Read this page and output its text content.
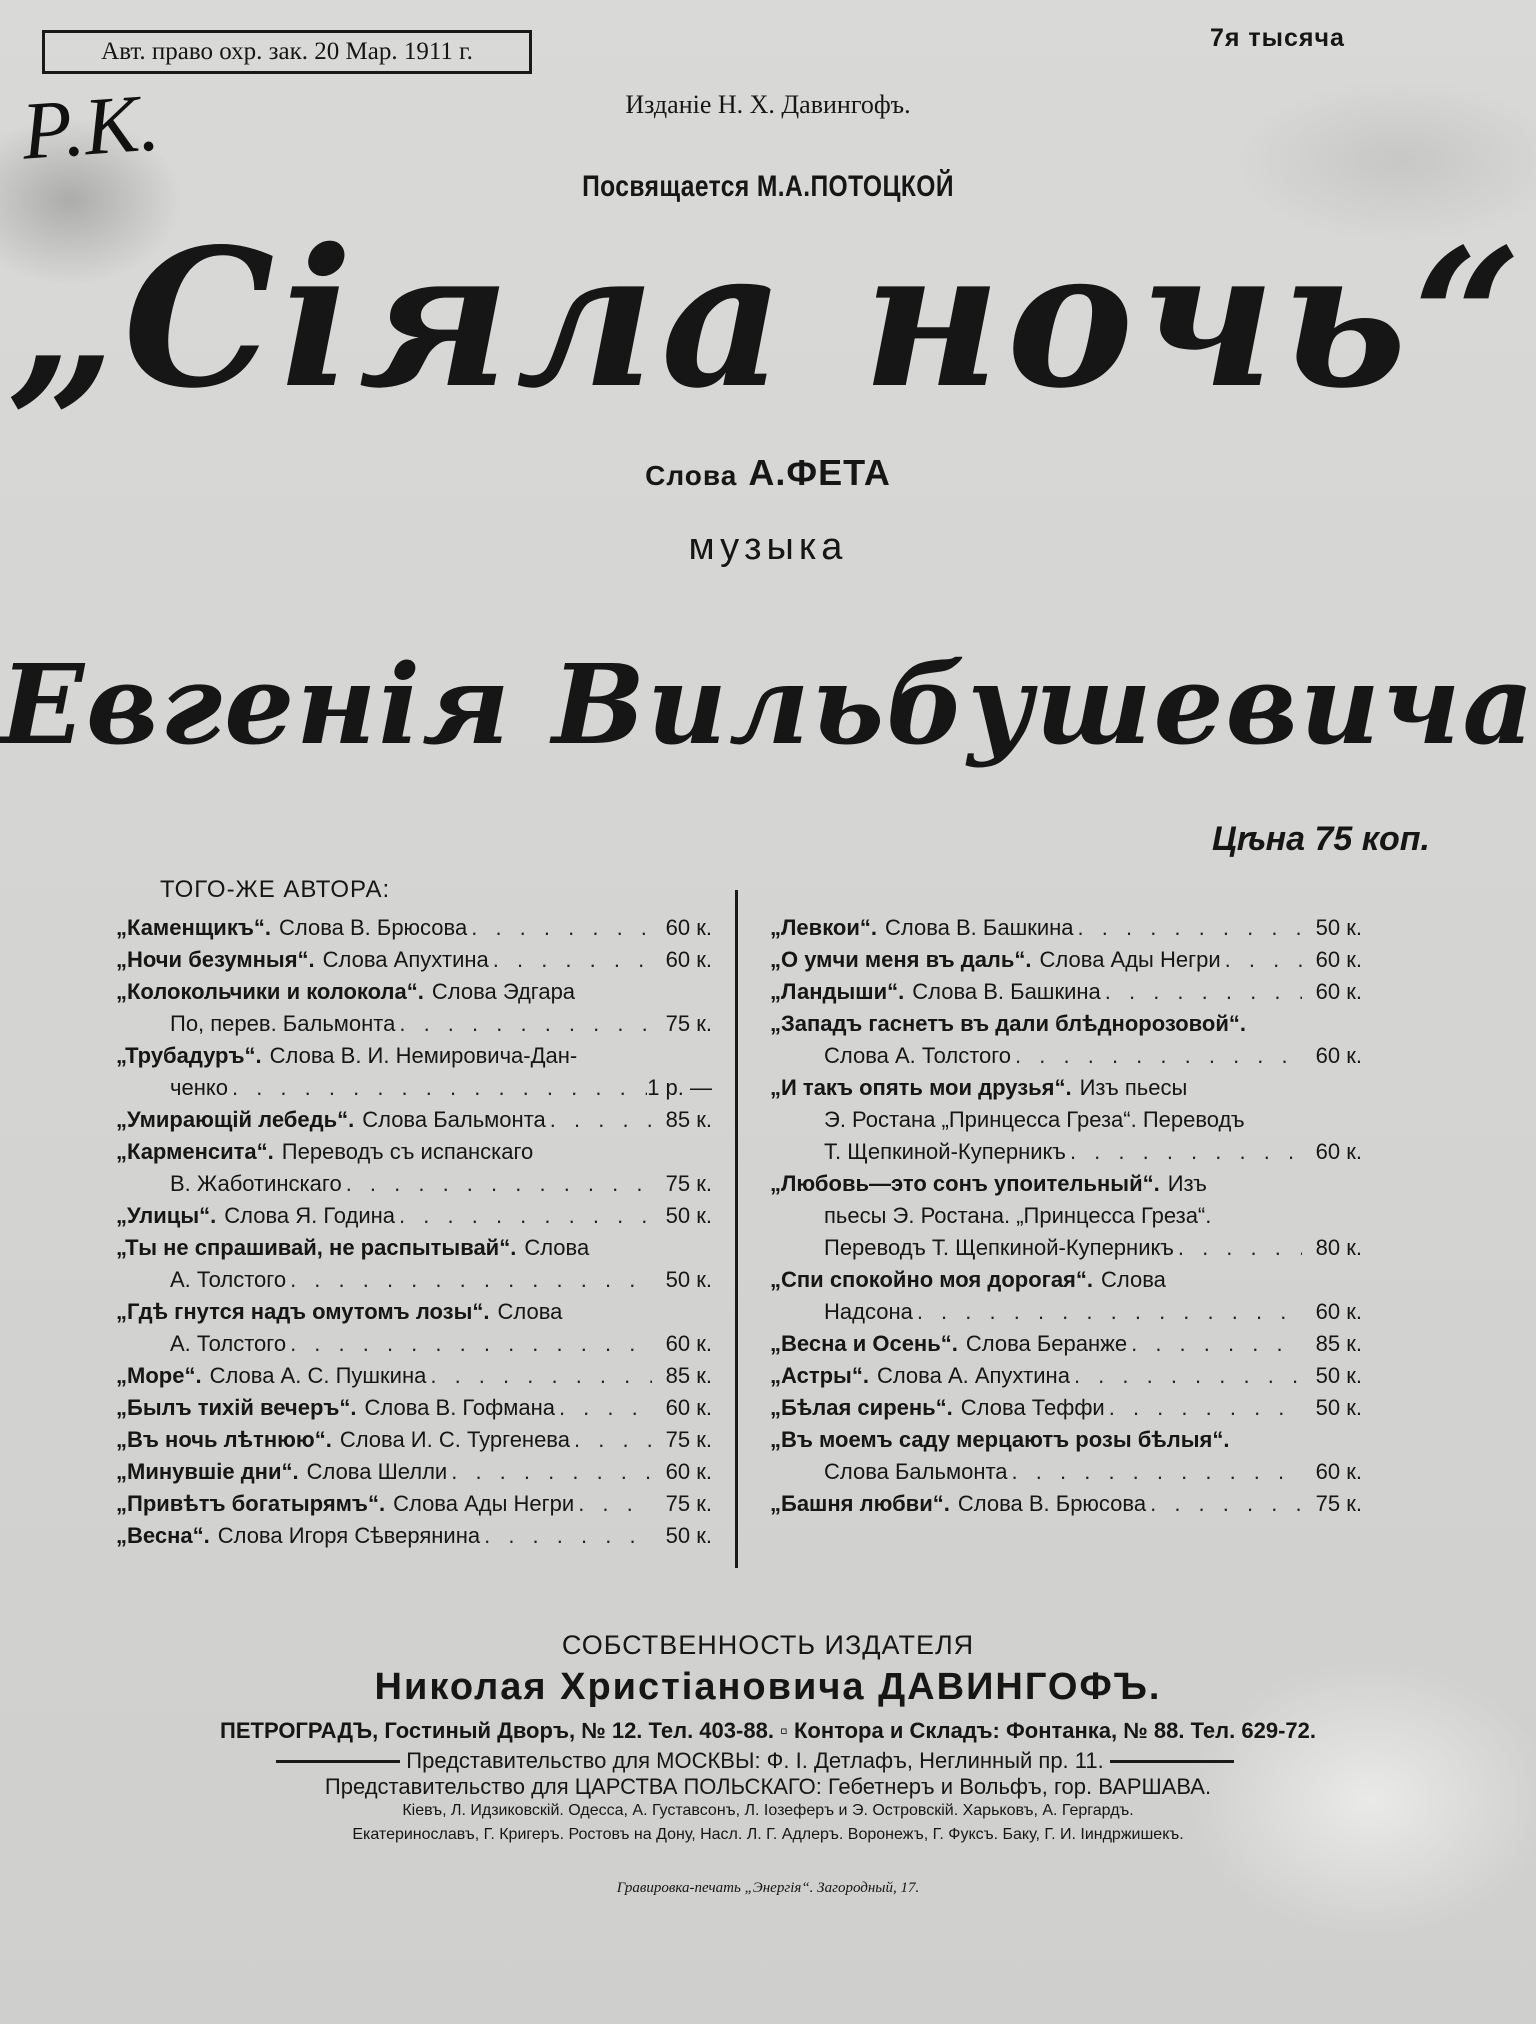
Авт. право охр. зак. 20 Мар. 1911 г.	7я тысяча
Р.К.	Изданіе Н. Х. Давингофъ.
Посвящается М.А.ПОТОЦКОЙ
„Сіяла ночь“
Слова А.ФЕТА
музыка
Евгенія Вильбушевича
Цѣна 75 коп.
ТОГО-ЖЕ АВТОРА:
„Каменщикъ“. Слова В. Брюсова . . .	60 к.
„Ночи безумныя“. Слова Апухтина . . .	60 к.
„Колокольчики и колокола“. Слова Эдгара
По, перев. Бальмонта . . .	75 к.
„Трубадуръ“. Слова В. И. Немировича-Дан-
ченко . . .	1 р. —
„Умирающій лебедь“. Слова Бальмонта . . .	85 к.
„Карменсита“. Переводъ съ испанскаго
В. Жаботинскаго . . .	75 к.
„Улицы“. Слова Я. Година . . .	50 к.
„Ты не спрашивай, не распытывай“. Слова
А. Толстого . . .	50 к.
„Гдѣ гнутся надъ омутомъ лозы“. Слова
А. Толстого . . .	60 к.
„Море“. Слова А. С. Пушкина . . .	85 к.
„Былъ тихій вечеръ“. Слова В. Гофмана . . .	60 к.
„Въ ночь лѣтнюю“. Слова И. С. Тургенева . . .	75 к.
„Минувшіе дни“. Слова Шелли . . .	60 к.
„Привѣтъ богатырямъ“. Слова Ады Негри . . .	75 к.
„Весна“. Слова Игоря Сѣверянина . . .	50 к.
„Левкои“. Слова В. Башкина . . .	50 к.
„О умчи меня въ даль“. Слова Ады Негри . . .	60 к.
„Ландыши“. Слова В. Башкина . . .	60 к.
„Западъ гаснетъ въ дали блѣднорозовой“.
Слова А. Толстого . . .	60 к.
„И такъ опять мои друзья“. Изъ пьесы
Э. Ростана „Принцесса Греза“. Переводъ
Т. Щепкиной-Куперникъ . . .	60 к.
„Любовь—это сонъ упоительный“. Изъ
пьесы Э. Ростана. „Принцесса Греза“.
Переводъ Т. Щепкиной-Куперникъ . . .	80 к.
„Спи спокойно моя дорогая“. Слова
Надсона . . .	60 к.
„Весна и Осень“. Слова Беранже . . .	85 к.
„Астры“. Слова А. Апухтина . . .	50 к.
„Бѣлая сирень“. Слова Теффи . . .	50 к.
„Въ моемъ саду мерцаютъ розы бѣлыя“.
Слова Бальмонта . . .	60 к.
„Башня любви“. Слова В. Брюсова . . .	75 к.
СОБСТВЕННОСТЬ ИЗДАТЕЛЯ
Николая Христіановича ДАВИНГОФЪ.
ПЕТРОГРАДЪ, Гостиный Дворъ, № 12. Тел. 403-88. ▫ Контора и Складъ: Фонтанка, № 88. Тел. 629-72.
Представительство для МОСКВЫ: Ф. І. Детлафъ, Неглинный пр. 11.
Представительство для ЦАРСТВА ПОЛЬСКАГО: Гебетнеръ и Вольфъ, гор. ВАРШАВА.
Кіевъ, Л. Идзиковскій. Одесса, А. Густавсонъ, Л. Іозеферъ и Э. Островскій. Харьковъ, А. Гергардъ.
Екатеринославъ, Г. Кригеръ. Ростовъ на Дону, Насл. Л. Г. Адлеръ. Воронежъ, Г. Фуксъ. Баку, Г. И. Іиндржишекъ.
Гравировка-печать „Энергія“. Загородный, 17.
